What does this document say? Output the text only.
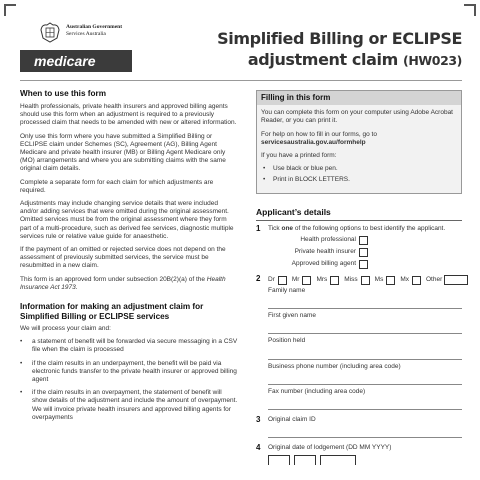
Australian Government
Services Australia
medicare
Simplified Billing or ECLIPSE
adjustment claim (HW023)
When to use this form

Health professionals, private health insurers and approved billing agents should use this form when an adjustment is required to a previously processed claim that needs to be amended with new or altered information.

Only use this form where you have submitted a Simplified Billing or ECLIPSE claim under Schemes (SC), Agreement (AG), Billing Agent Medicare and private health insurer (MB) or Billing Agent Medicare only (MO) arrangements and where you are submitting claims with the same original claim details.

Complete a separate form for each claim for which adjustments are required.

Adjustments may include changing service details that were included and/or adding services that were omitted during the original assessment. Omitted services must be from the original assessment where they form part of a multi-procedure, such as derived fee services, diagnostic multiple services rule or relative value guide for anaesthetic.

If the payment of an omitted or rejected service does not depend on the assessment of previously submitted services, the service must be resubmitted in a new claim.

This form is an approved form under subsection 20B(2)(a) of the Health Insurance Act 1973.

Information for making an adjustment claim for Simplified Billing or ECLIPSE services

We will process your claim and:

• a statement of benefit will be forwarded via secure messaging in a CSV file when the claim is processed
• if the claim results in an underpayment, the benefit will be paid via electronic funds transfer to the private health insurer or approved billing agent
• if the claim results in an overpayment, the statement of benefit will show details of the adjustment and include the amount of overpayment. We will invoice private health insurers and approved billing agents for overpayments
Filling in this form

You can complete this form on your computer using Adobe Acrobat Reader, or you can print it.

For help on how to fill in our forms, go to
servicesaustralia.gov.au/formhelp

If you have a printed form:

• Use black or blue pen.
• Print in BLOCK LETTERS.
Applicant’s details
1 Tick one of the following options to best identify the applicant.
Health professional
Private health insurer
Approved billing agent
2 Dr	Mr	Mrs	Miss	Ms	Mx	Other

Family name
First given name
Position held
Business phone number (including area code)
Fax number (including area code)
3 Original claim ID
4 Original date of lodgement (DD MM YYYY)
